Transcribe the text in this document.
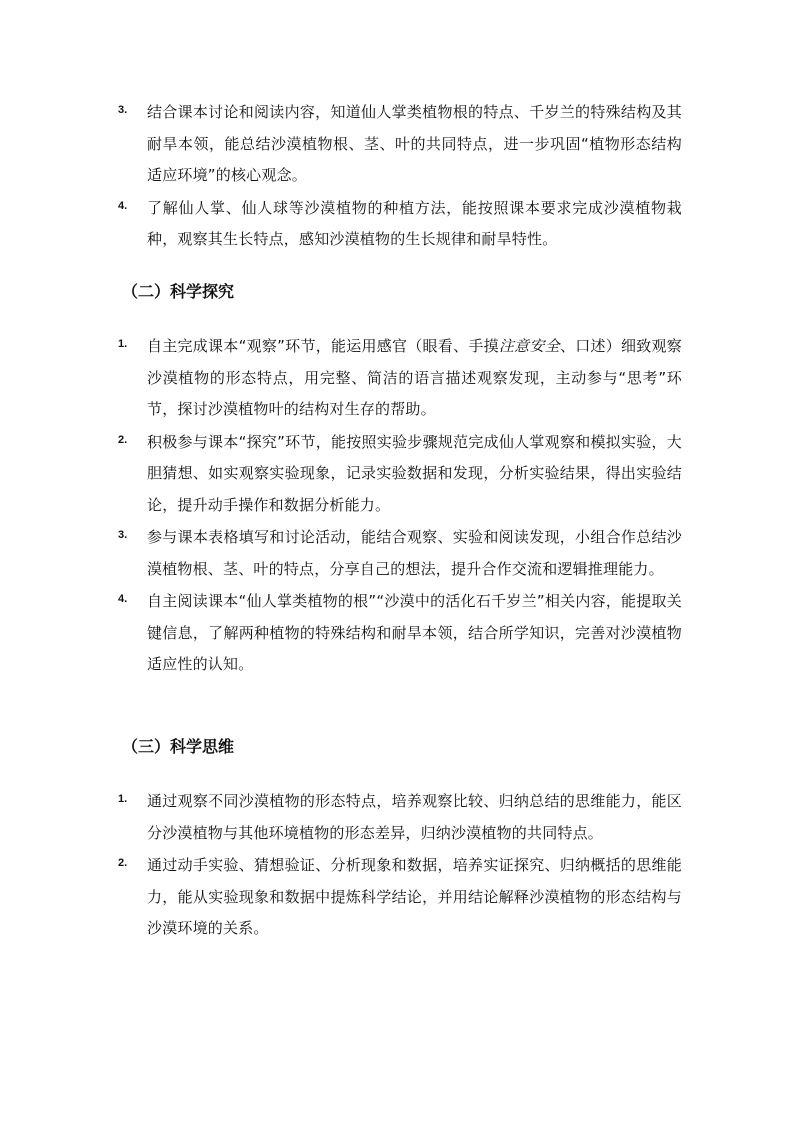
3. 结合课本讨论和阅读内容，知道仙人掌类植物根的特点、千岁兰的特殊结构及其耐旱本领，能总结沙漠植物根、茎、叶的共同特点，进一步巩固“植物形态结构适应环境”的核心观念。
4. 了解仙人掌、仙人球等沙漠植物的种植方法，能按照课本要求完成沙漠植物栽种，观察其生长特点，感知沙漠植物的生长规律和耐旱特性。
（二）科学探究
1. 自主完成课本“观察”环节，能运用感官（眼看、手摸注意安全、口述）细致观察沙漠植物的形态特点，用完整、简洁的语言描述观察发现，主动参与“思考”环节，探讨沙漠植物叶的结构对生存的帮助。
2. 积极参与课本“探究”环节，能按照实验步骤规范完成仙人掌观察和模拟实验，大胆猜想、如实观察实验现象，记录实验数据和发现，分析实验结果，得出实验结论，提升动手操作和数据分析能力。
3. 参与课本表格填写和讨论活动，能结合观察、实验和阅读发现，小组合作总结沙漠植物根、茎、叶的特点，分享自己的想法，提升合作交流和逻辑推理能力。
4. 自主阅读课本“仙人掌类植物的根”“沙漠中的活化石千岁兰”相关内容，能提取关键信息，了解两种植物的特殊结构和耐旱本领，结合所学知识，完善对沙漠植物适应性的认知。
（三）科学思维
1. 通过观察不同沙漠植物的形态特点，培养观察比较、归纳总结的思维能力，能区分沙漠植物与其他环境植物的形态差异，归纳沙漠植物的共同特点。
2. 通过动手实验、猜想验证、分析现象和数据，培养实证探究、归纳概括的思维能力，能从实验现象和数据中提炼科学结论，并用结论解释沙漠植物的形态结构与沙漠环境的关系。
